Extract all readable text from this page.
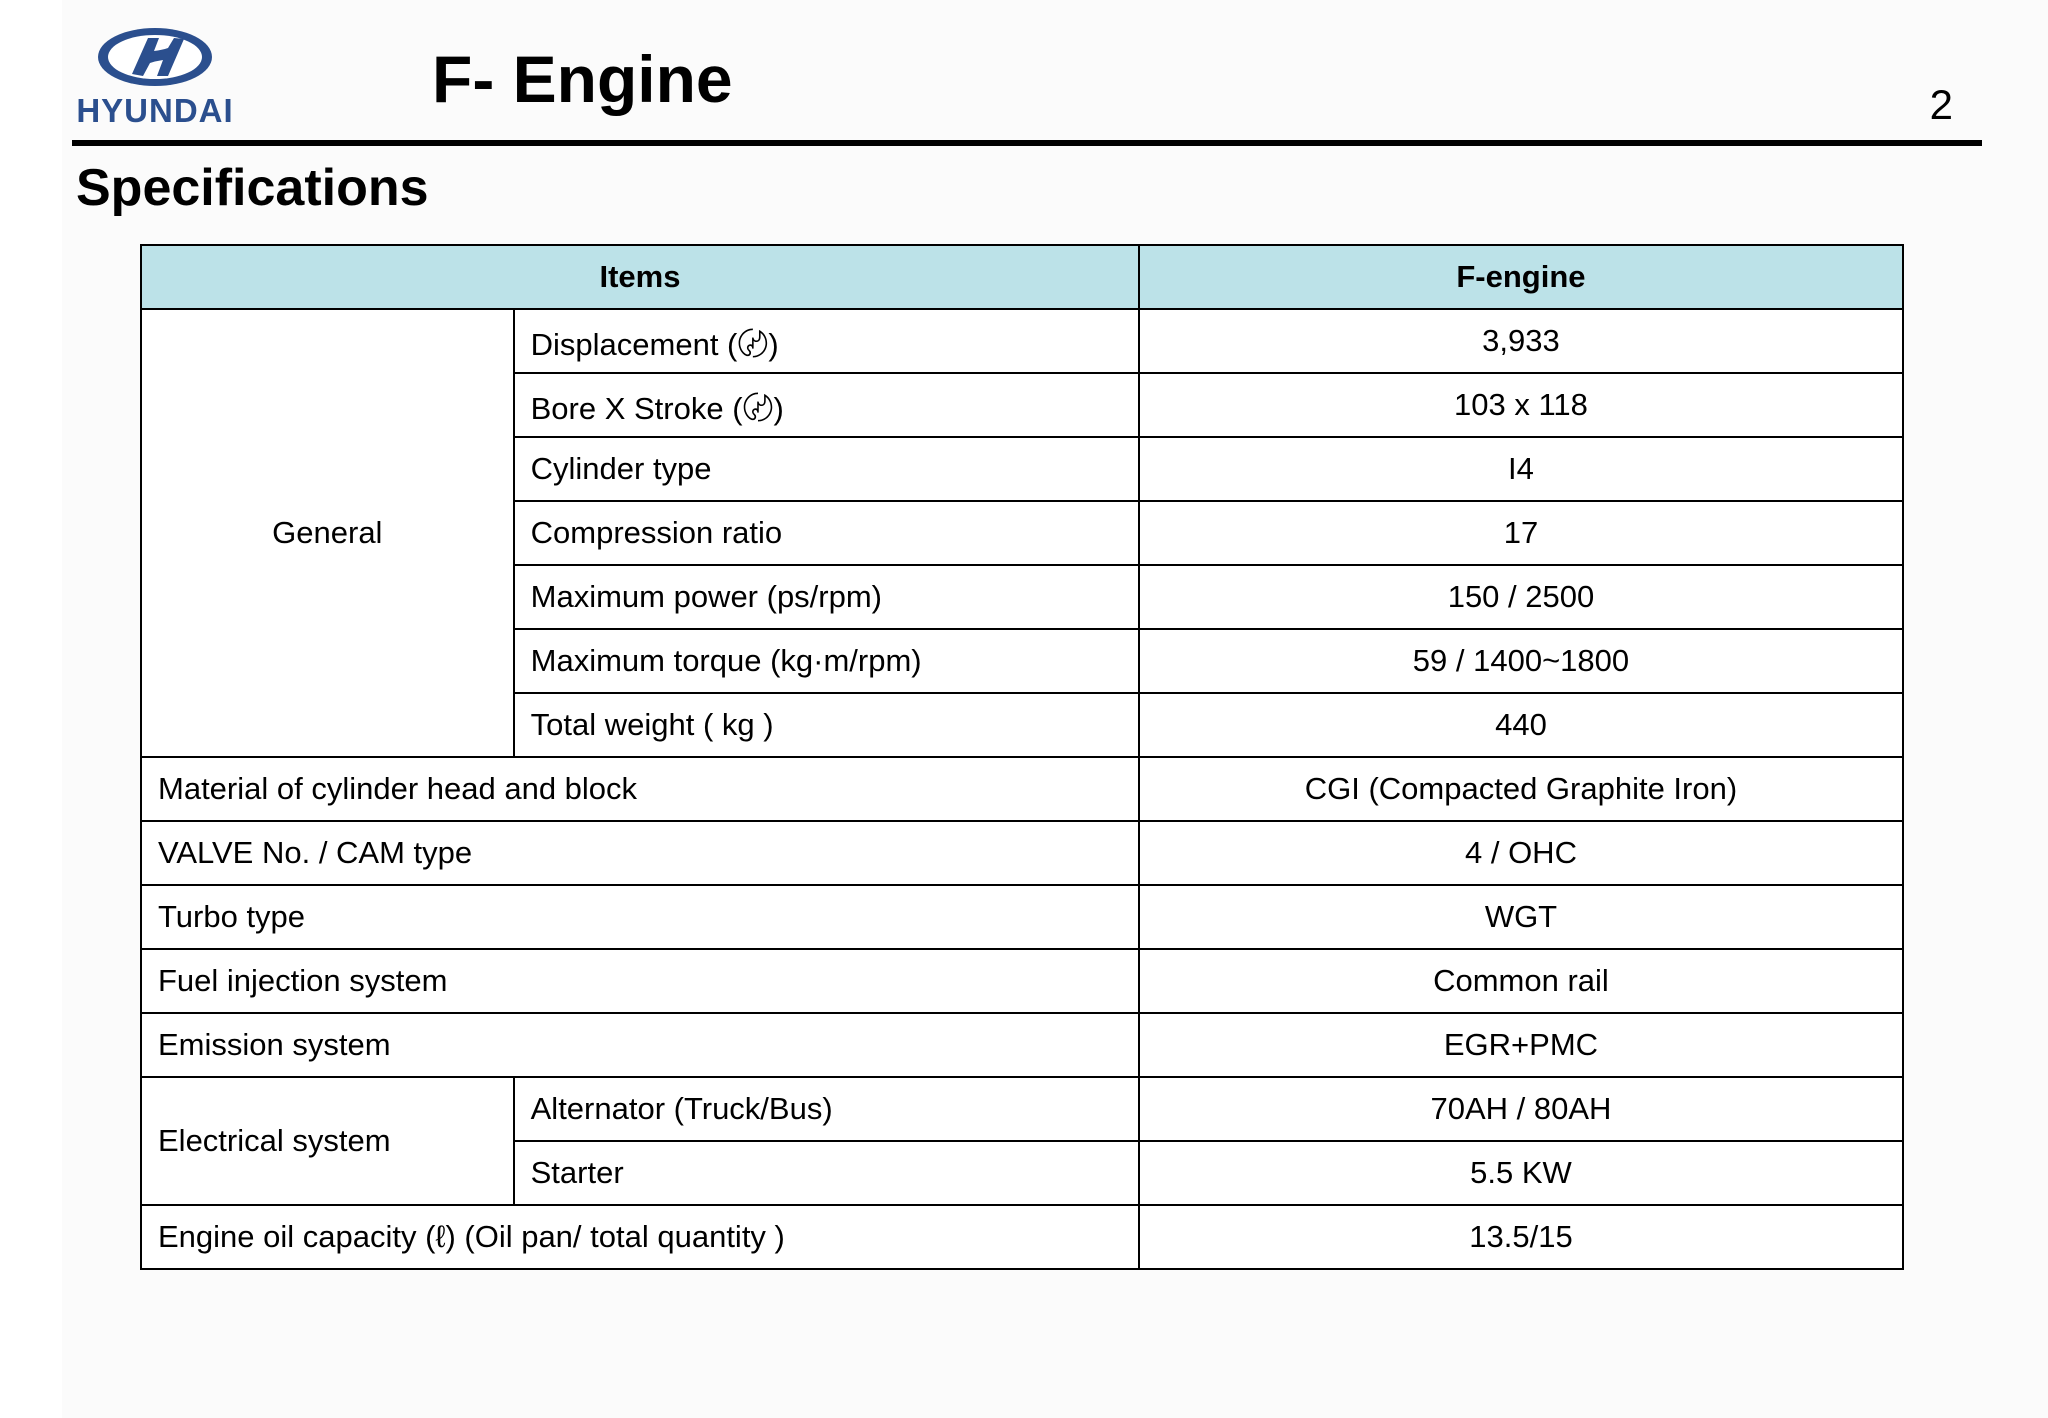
HYUNDAI	F- Engine	2
Specifications
Items		F-engine
General	Displacement (〄)	3,933
	Bore X Stroke (〄)	103 x 118
	Cylinder type	I4
	Compression ratio	17
	Maximum power (ps/rpm)	150 / 2500
	Maximum torque (kg·m/rpm)	59 / 1400~1800
	Total weight ( kg )	440
Material of cylinder head and block		CGI (Compacted Graphite Iron)
VALVE No. / CAM type		4 / OHC
Turbo type		WGT
Fuel injection system		Common rail
Emission system		EGR+PMC
Electrical system	Alternator (Truck/Bus)	70AH / 80AH
	Starter	5.5 KW
Engine oil capacity (ℓ) (Oil pan/ total quantity )		13.5/15
